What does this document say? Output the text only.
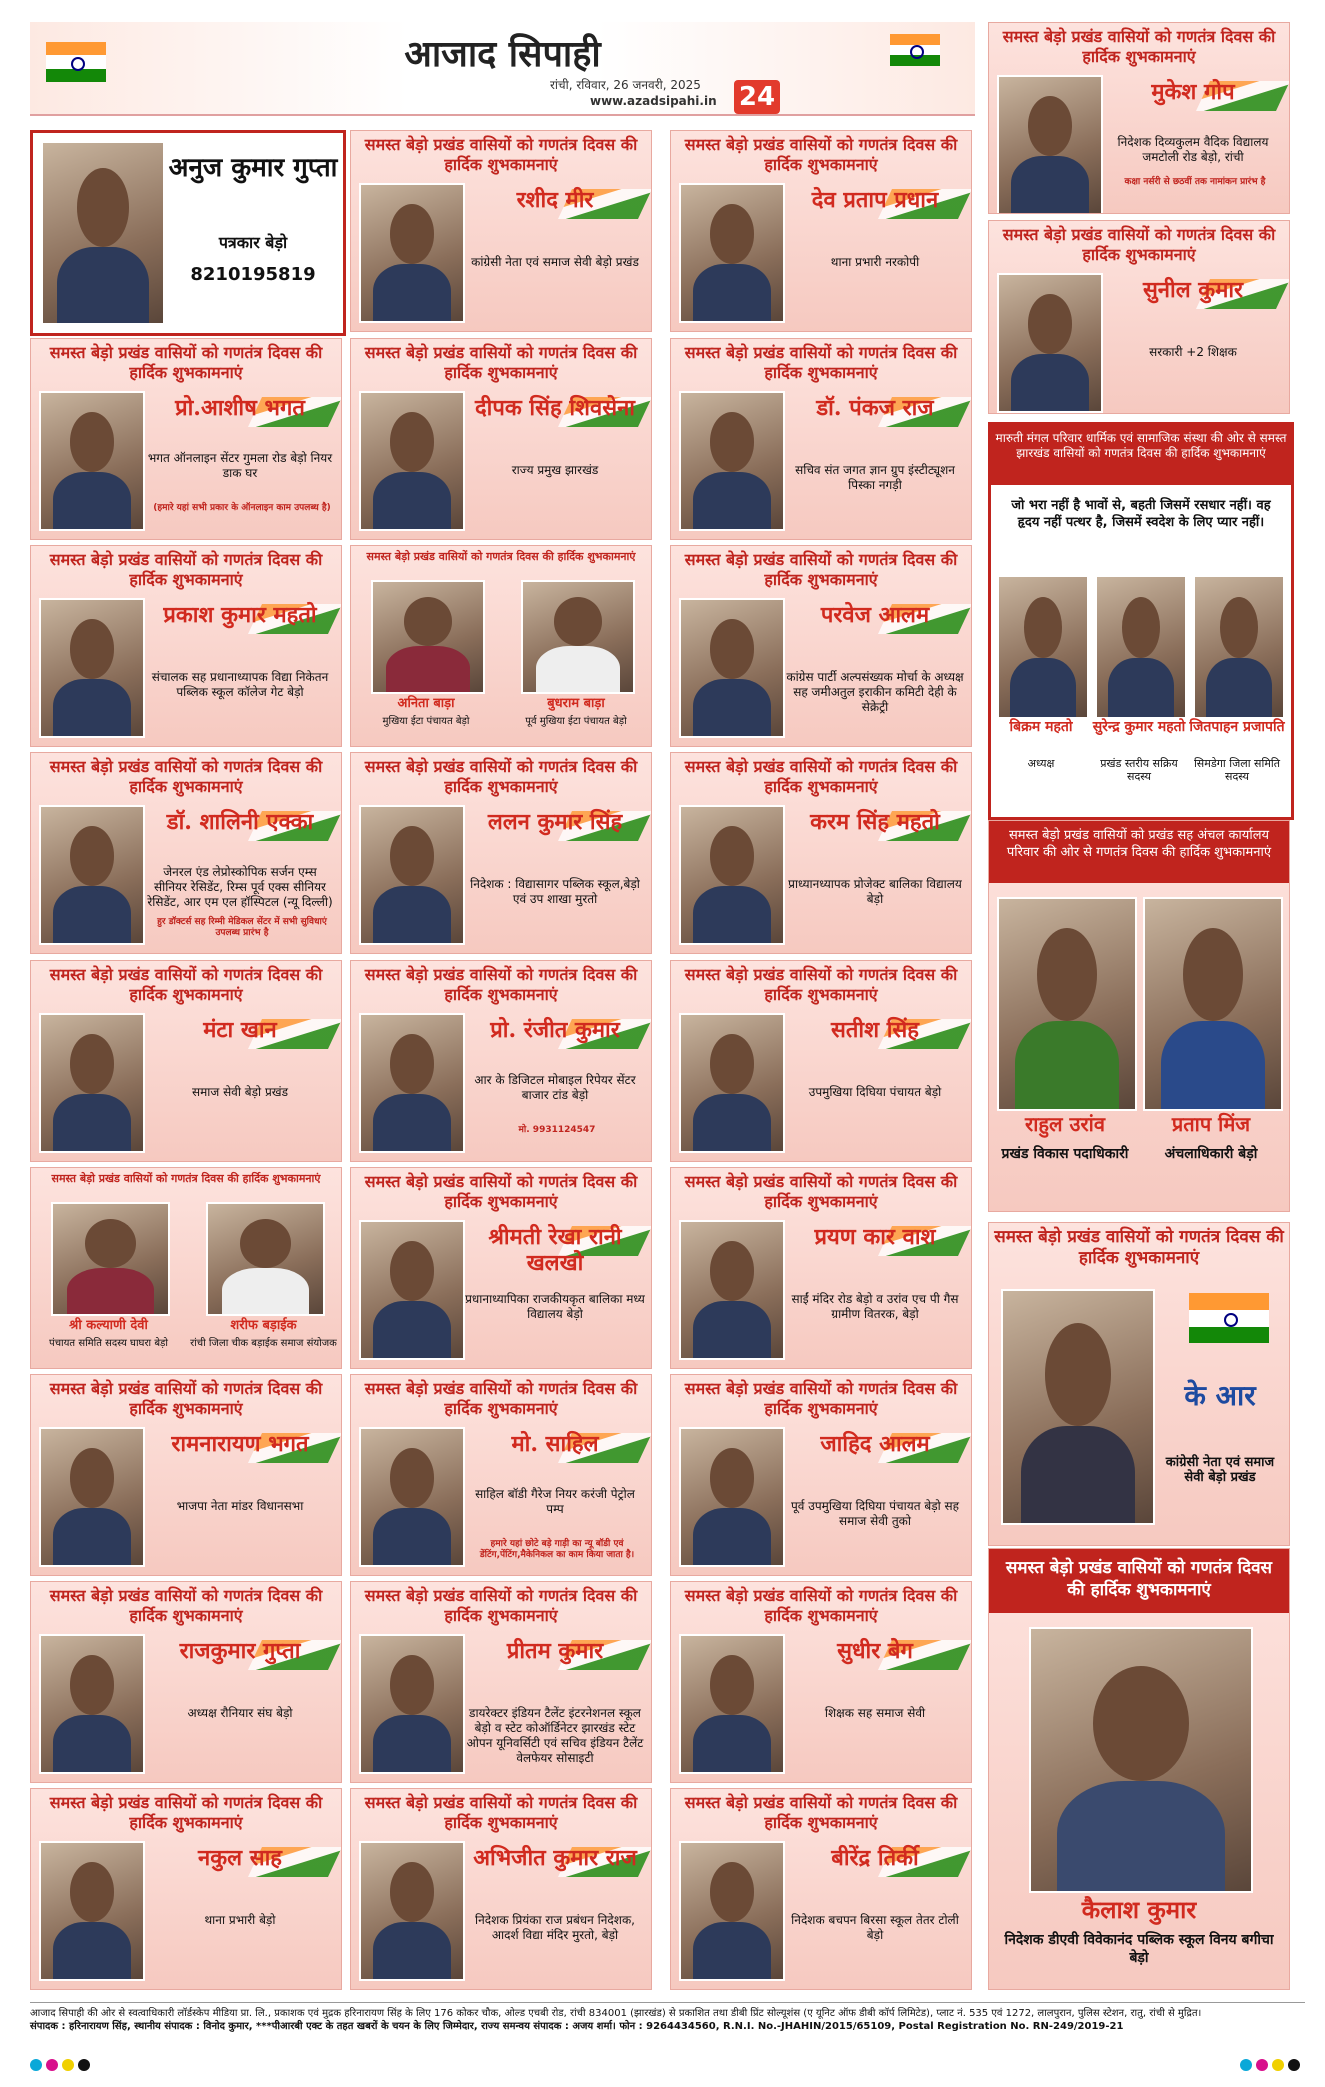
आजाद सिपाही
रांची, रविवार, 26 जनवरी, 2025
www.azadsipahi.in 24
अनुज कुमार गुप्ता
पत्रकार बेड़ो
8210195819
समस्त बेड़ो प्रखंड वासियों को गणतंत्र दिवस की हार्दिक शुभकामनाएं
रशीद मीर
कांग्रेसी नेता एवं समाज सेवी बेड़ो प्रखंड
समस्त बेड़ो प्रखंड वासियों को गणतंत्र दिवस की हार्दिक शुभकामनाएं
देव प्रताप प्रधान
थाना प्रभारी नरकोपी
समस्त बेड़ो प्रखंड वासियों को गणतंत्र दिवस की हार्दिक शुभकामनाएं
मुकेश गोप
निदेशक दिव्यकुलम वैदिक विद्यालय जमटोली रोड बेड़ो, रांची
कक्षा नर्सरी से छठवीं तक नामांकन प्रारंभ है
समस्त बेड़ो प्रखंड वासियों को गणतंत्र दिवस की हार्दिक शुभकामनाएं
सुनील कुमार
सरकारी +2 शिक्षक
समस्त बेड़ो प्रखंड वासियों को गणतंत्र दिवस की हार्दिक शुभकामनाएं
प्रो.आशीष भगत
भगत ऑनलाइन सेंटर गुमला रोड बेड़ो नियर डाक घर
(हमारे यहां सभी प्रकार के ऑनलाइन काम उपलब्ध है)
समस्त बेड़ो प्रखंड वासियों को गणतंत्र दिवस की हार्दिक शुभकामनाएं
दीपक सिंह शिवसेना
राज्य प्रमुख झारखंड
समस्त बेड़ो प्रखंड वासियों को गणतंत्र दिवस की हार्दिक शुभकामनाएं
डॉ. पंकज राज
सचिव संत जगत ज्ञान ग्रुप इंस्टीट्यूशन पिस्का नगड़ी
समस्त बेड़ो प्रखंड वासियों को गणतंत्र दिवस की हार्दिक शुभकामनाएं
प्रकाश कुमार महतो
संचालक सह प्रधानाध्यापक विद्या निकेतन पब्लिक स्कूल कॉलेज गेट बेड़ो
समस्त बेड़ो प्रखंड वासियों को गणतंत्र दिवस की हार्दिक शुभकामनाएं
अनिता बाड़ा
मुखिया ईटा पंचायत बेड़ो
बुधराम बाड़ा
पूर्व मुखिया ईटा पंचायत बेड़ो
समस्त बेड़ो प्रखंड वासियों को गणतंत्र दिवस की हार्दिक शुभकामनाएं
परवेज आलम
कांग्रेस पार्टी अल्पसंख्यक मोर्चा के अध्यक्ष सह जमीअतुल इराकीन कमिटी देही के सेक्रेट्री
समस्त बेड़ो प्रखंड वासियों को गणतंत्र दिवस की हार्दिक शुभकामनाएं
डॉ. शालिनी एक्का
जेनरल एंड लेप्रोस्कोपिक सर्जन एम्स सीनियर रेसिडेंट, रिम्स पूर्व एक्स सीनियर रेसिडेंट, आर एम एल हॉस्पिटल (न्यू दिल्ली)
हुर डॉक्टर्स सह रिम्मी मेडिकल सेंटर में सभी सुविधाएं उपलब्ध प्रारंभ है
समस्त बेड़ो प्रखंड वासियों को गणतंत्र दिवस की हार्दिक शुभकामनाएं
ललन कुमार सिंह
निदेशक : विद्यासागर पब्लिक स्कूल,बेड़ो एवं उप शाखा मुरतो
समस्त बेड़ो प्रखंड वासियों को गणतंत्र दिवस की हार्दिक शुभकामनाएं
करम सिंह महतो
प्राध्यानध्यापक प्रोजेक्ट बालिका विद्यालय बेड़ो
समस्त बेड़ो प्रखंड वासियों को गणतंत्र दिवस की हार्दिक शुभकामनाएं
मंटा खान
समाज सेवी बेड़ो प्रखंड
समस्त बेड़ो प्रखंड वासियों को गणतंत्र दिवस की हार्दिक शुभकामनाएं
प्रो. रंजीत कुमार
आर के डिजिटल मोबाइल रिपेयर सेंटर बाजार टांड बेड़ो
मो. 9931124547
समस्त बेड़ो प्रखंड वासियों को गणतंत्र दिवस की हार्दिक शुभकामनाएं
सतीश सिंह
उपमुखिया दिघिया पंचायत बेड़ो
समस्त बेड़ो प्रखंड वासियों को गणतंत्र दिवस की हार्दिक शुभकामनाएं
श्री कल्याणी देवी
पंचायत समिति सदस्य घाघरा बेड़ो
शरीफ बड़ाईक
रांची जिला चीक बड़ाईक समाज संयोजक
समस्त बेड़ो प्रखंड वासियों को गणतंत्र दिवस की हार्दिक शुभकामनाएं
श्रीमती रेखा रानी खलखो
प्रधानाध्यापिका राजकीयकृत बालिका मध्य विद्यालय बेड़ो
समस्त बेड़ो प्रखंड वासियों को गणतंत्र दिवस की हार्दिक शुभकामनाएं
प्रयण कार वाश
साईं मंदिर रोड बेड़ो व उरांव एच पी गैस ग्रामीण वितरक, बेड़ो
समस्त बेड़ो प्रखंड वासियों को गणतंत्र दिवस की हार्दिक शुभकामनाएं
रामनारायण भगत
भाजपा नेता मांडर विधानसभा
समस्त बेड़ो प्रखंड वासियों को गणतंत्र दिवस की हार्दिक शुभकामनाएं
मो. साहिल
साहिल बॉडी गैरेज नियर करंजी पेट्रोल पम्प
हमारे यहां छोटे बड़े गाड़ी का न्यू बॉडी एवं डेंटिंग,पेंटिंग,मैकेनिकल का काम किया जाता है।
समस्त बेड़ो प्रखंड वासियों को गणतंत्र दिवस की हार्दिक शुभकामनाएं
जाहिद आलम
पूर्व उपमुखिया दिघिया पंचायत बेड़ो सह समाज सेवी तुको
समस्त बेड़ो प्रखंड वासियों को गणतंत्र दिवस की हार्दिक शुभकामनाएं
राजकुमार गुप्ता
अध्यक्ष रौनियार संघ बेड़ो
समस्त बेड़ो प्रखंड वासियों को गणतंत्र दिवस की हार्दिक शुभकामनाएं
प्रीतम कुमार
डायरेक्टर इंडियन टैलेंट इंटरनेशनल स्कूल बेड़ो व स्टेट कोऑर्डिनेटर झारखंड स्टेट ओपन यूनिवर्सिटी एवं सचिव इंडियन टैलेंट वेलफेयर सोसाइटी
समस्त बेड़ो प्रखंड वासियों को गणतंत्र दिवस की हार्दिक शुभकामनाएं
सुधीर बेग
शिक्षक सह समाज सेवी
समस्त बेड़ो प्रखंड वासियों को गणतंत्र दिवस की हार्दिक शुभकामनाएं
नकुल साह
थाना प्रभारी बेड़ो
समस्त बेड़ो प्रखंड वासियों को गणतंत्र दिवस की हार्दिक शुभकामनाएं
अभिजीत कुमार राज
निदेशक प्रियंका राज प्रबंधन निदेशक, आदर्श विद्या मंदिर मुरतो, बेड़ो
समस्त बेड़ो प्रखंड वासियों को गणतंत्र दिवस की हार्दिक शुभकामनाएं
बीरेंद्र तिर्की
निदेशक बचपन बिरसा स्कूल तेतर टोली बेड़ो
मारुती मंगल परिवार धार्मिक एवं सामाजिक संस्था की ओर से समस्त झारखंड वासियों को गणतंत्र दिवस की हार्दिक शुभकामनाएं
जो भरा नहीं है भावों से, बहती जिसमें रसधार नहीं। वह हृदय नहीं पत्थर है, जिसमें स्वदेश के लिए प्यार नहीं।
बिक्रम महतो
अध्यक्ष
सुरेन्द्र कुमार महतो
प्रखंड स्तरीय सक्रिय सदस्य
जितपाहन प्रजापति
सिमडेगा जिला समिति सदस्य
समस्त बेड़ो प्रखंड वासियों को प्रखंड सह अंचल कार्यालय परिवार की ओर से गणतंत्र दिवस की हार्दिक शुभकामनाएं
राहुल उरांव
प्रखंड विकास पदाधिकारी
प्रताप मिंज
अंचलाधिकारी बेड़ो
समस्त बेड़ो प्रखंड वासियों को गणतंत्र दिवस की हार्दिक शुभकामनाएं
के आर
कांग्रेसी नेता एवं समाज सेवी बेड़ो प्रखंड
समस्त बेड़ो प्रखंड वासियों को गणतंत्र दिवस की हार्दिक शुभकामनाएं
कैलाश कुमार
निदेशक डीएवी विवेकानंद पब्लिक स्कूल विनय बगीचा बेड़ो
आजाद सिपाही की ओर से स्वत्वाधिकारी लॉर्डस्केप मीडिया प्रा. लि., प्रकाशक एवं मुद्रक हरिनारायण सिंह के लिए 176 कोकर चौक, ओल्ड एचबी रोड, रांची 834001 (झारखंड) से प्रकाशित तथा डीबी प्रिंट सोल्यूशंस (ए यूनिट ऑफ डीबी कॉर्प लिमिटेड), प्लाट नं. 535 एवं 1272, लालपुरान, पुलिस स्टेशन, रातु, रांची से मुद्रित।
संपादक : हरिनारायण सिंह, स्थानीय संपादक : विनोद कुमार, ***पीआरबी एक्ट के तहत खबरों के चयन के लिए जिम्मेदार, राज्य समन्वय संपादक : अजय शर्मा। फोन : 9264434560, R.N.I. No.-JHAHIN/2015/65109, Postal Registration No. RN-249/2019-21
